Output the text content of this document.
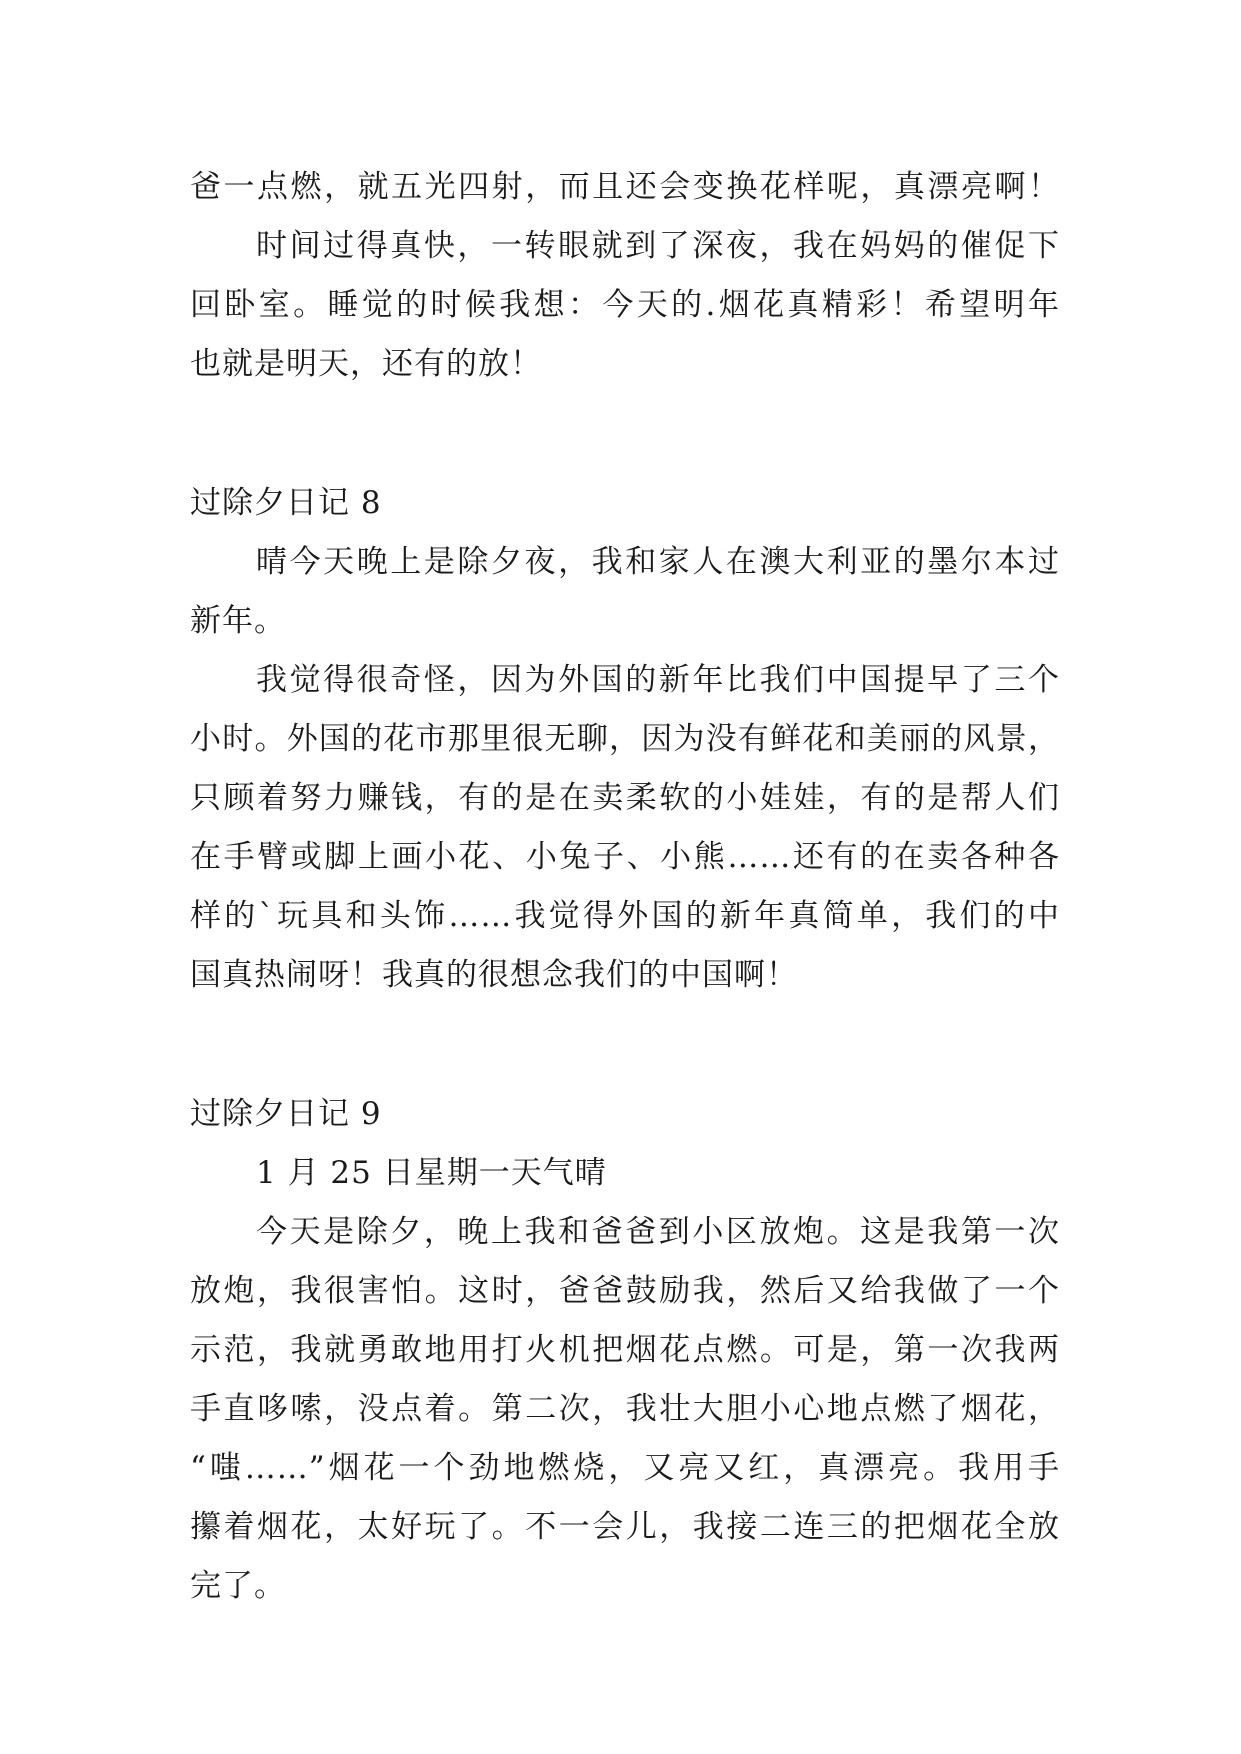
爸一点燃，就五光四射，而且还会变换花样呢，真漂亮啊！
时间过得真快，一转眼就到了深夜，我在妈妈的催促下
回卧室。睡觉的时候我想：今天的.烟花真精彩！希望明年
也就是明天，还有的放！
过除夕日记 8
晴今天晚上是除夕夜，我和家人在澳大利亚的墨尔本过
新年。
我觉得很奇怪，因为外国的新年比我们中国提早了三个
小时。外国的花市那里很无聊，因为没有鲜花和美丽的风景，
只顾着努力赚钱，有的是在卖柔软的小娃娃，有的是帮人们
在手臂或脚上画小花、小兔子、小熊……还有的在卖各种各
样的`玩具和头饰……我觉得外国的新年真简单，我们的中
国真热闹呀！我真的很想念我们的中国啊！
过除夕日记 9
1 月 25 日星期一天气晴
今天是除夕，晚上我和爸爸到小区放炮。这是我第一次
放炮，我很害怕。这时，爸爸鼓励我，然后又给我做了一个
示范，我就勇敢地用打火机把烟花点燃。可是，第一次我两
手直哆嗦，没点着。第二次，我壮大胆小心地点燃了烟花，
“嗤……”烟花一个劲地燃烧，又亮又红，真漂亮。我用手
攥着烟花，太好玩了。不一会儿，我接二连三的把烟花全放
完了。
